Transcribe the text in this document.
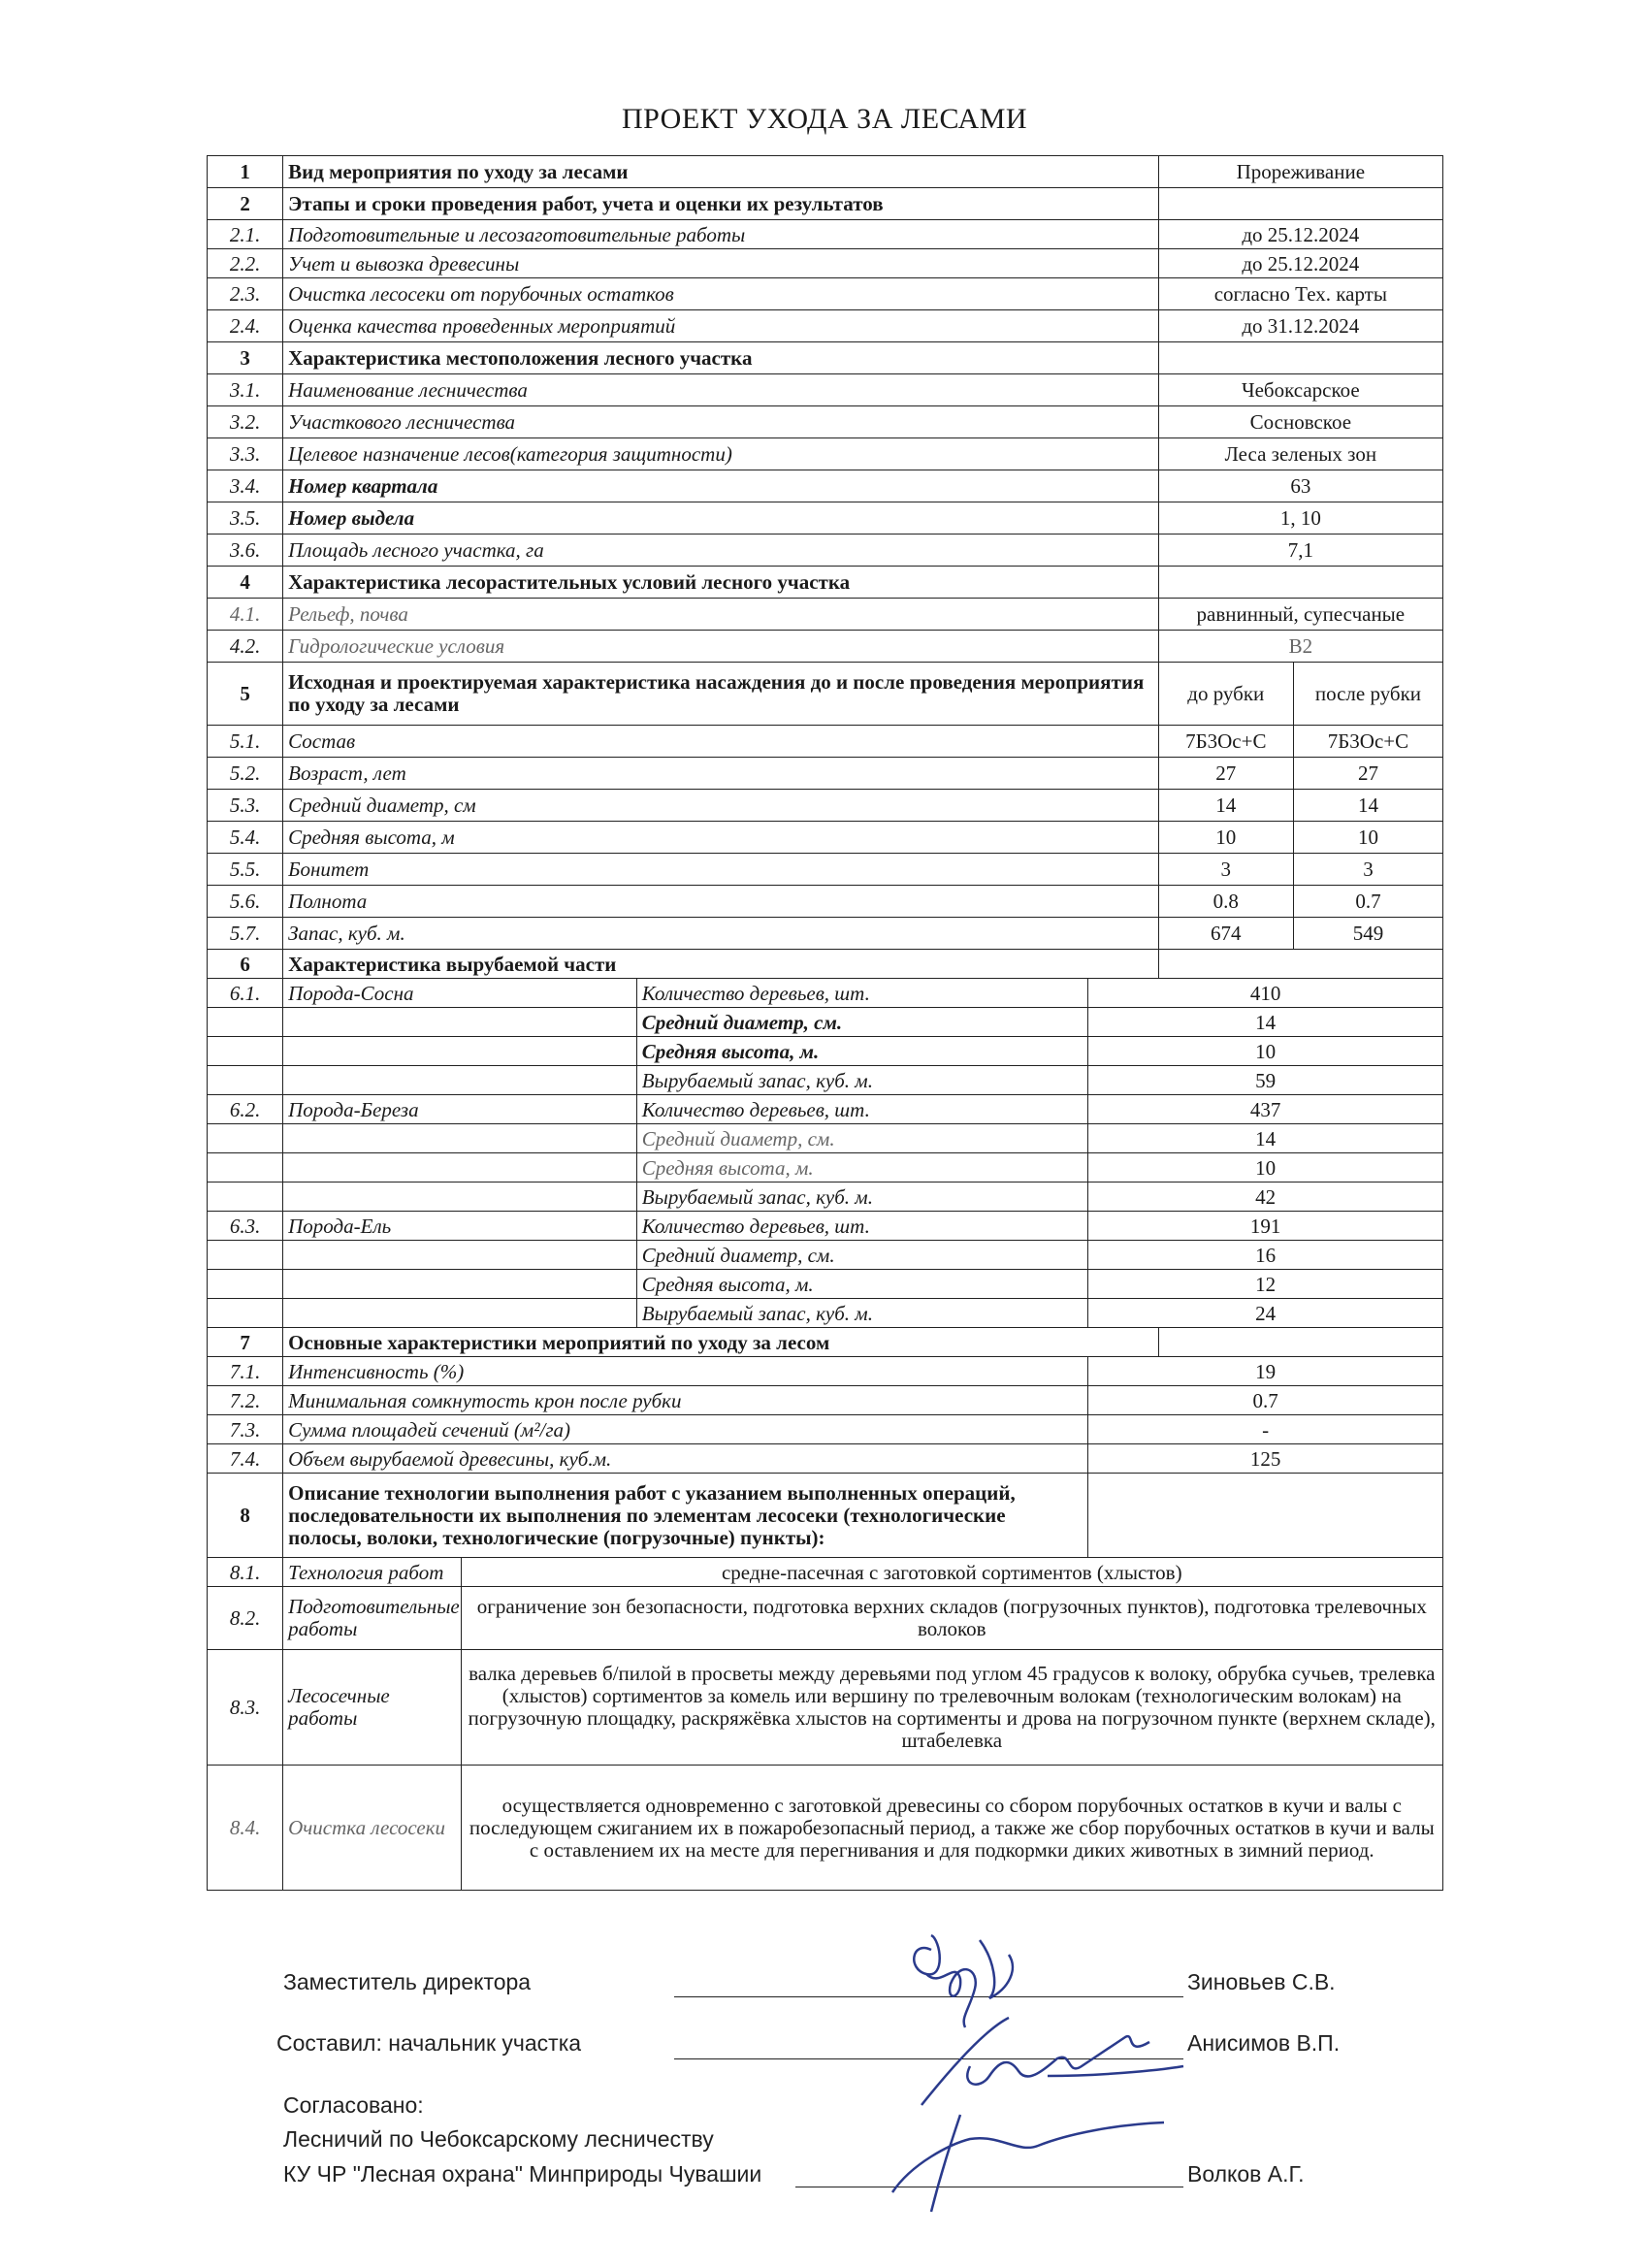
ПРОЕКТ УХОДА ЗА ЛЕСАМИ
1	Вид мероприятия по уходу за лесами				Прореживание	
2	Этапы и сроки проведения работ, учета и оценки их результатов					
2.1.	Подготовительные и лесозаготовительные работы				до 25.12.2024	
2.2.	Учет и вывозка древесины				до 25.12.2024	
2.3.	Очистка лесосеки от порубочных остатков				согласно Тех. карты	
2.4.	Оценка качества проведенных мероприятий				до 31.12.2024	
3	Характеристика местоположения лесного участка					
3.1.	Наименование лесничества				Чебоксарское	
3.2.	Участкового лесничества				Сосновское	
3.3.	Целевое назначение лесов(категория защитности)				Леса зеленых зон	
3.4.	Номер квартала				63	
3.5.	Номер выдела				1, 10	
3.6.	Площадь лесного участка, га				7,1	
4	Характеристика лесорастительных условий лесного участка					
4.1.	Рельеф, почва				равнинный, супесчаные	
4.2.	Гидрологические условия				В2	
5	Исходная и проектируемая характеристика насаждения до и после проведения мероприятия по уходу за лесами				до рубки	после рубки
5.1.	Состав				7Б3Ос+С	7Б3Ос+С
5.2.	Возраст, лет				27	27
5.3.	Средний диаметр, см				14	14
5.4.	Средняя высота, м				10	10
5.5.	Бонитет				3	3
5.6.	Полнота				0.8	0.7
5.7.	Запас, куб. м.				674	549
6	Характеристика вырубаемой части					
6.1.	Порода-Сосна		Количество деревьев, шт.	410		
			Средний диаметр, см.	14		
			Средняя высота, м.	10		
			Вырубаемый запас, куб. м.	59		
6.2.	Порода-Береза		Количество деревьев, шт.	437		
			Средний диаметр, см.	14		
			Средняя высота, м.	10		
			Вырубаемый запас, куб. м.	42		
6.3.	Порода-Ель		Количество деревьев, шт.	191		
			Средний диаметр, см.	16		
			Средняя высота, м.	12		
			Вырубаемый запас, куб. м.	24		
7	Основные характеристики мероприятий по уходу за лесом					
7.1.	Интенсивность (%)			19		
7.2.	Минимальная сомкнутость крон после рубки			0.7		
7.3.	Сумма площадей сечений (м²/га)			-		
7.4.	Объем вырубаемой древесины, куб.м.			125		
8	Описание технологии выполнения работ с указанием выполненных операций, последовательности их выполнения по элементам лесосеки (технологические полосы, волоки, технологические (погрузочные) пункты):					
8.1.	Технология работ	средне-пасечная с заготовкой сортиментов (хлыстов)				
8.2.	Подготовительные работы	ограничение зон безопасности, подготовка верхних складов (погрузочных пунктов), подготовка трелевочных волоков				
8.3.	Лесосечные работы	валка деревьев б/пилой в просветы между деревьями под углом 45 градусов к волоку, обрубка сучьев, трелевка (хлыстов) сортиментов за комель или вершину по трелевочным волокам (технологическим волокам) на погрузочную площадку, раскряжёвка хлыстов на сортименты и дрова на погрузочном пункте (верхнем складе), штабелевка				
8.4.	Очистка лесосеки	осуществляется одновременно с заготовкой древесины со сбором порубочных остатков в кучи и валы с последующем сжиганием их в пожаробезопасный период, а также же сбор порубочных остатков в кучи и валы с оставлением их на месте для перегнивания и для подкормки диких животных в зимний период.				
Заместитель директора	Зиновьев С.В.
Составил: начальник участка	Анисимов В.П.
Согласовано:
Лесничий по Чебоксарскому лесничеству
КУ ЧР "Лесная охрана" Минприроды Чувашии	Волков А.Г.
